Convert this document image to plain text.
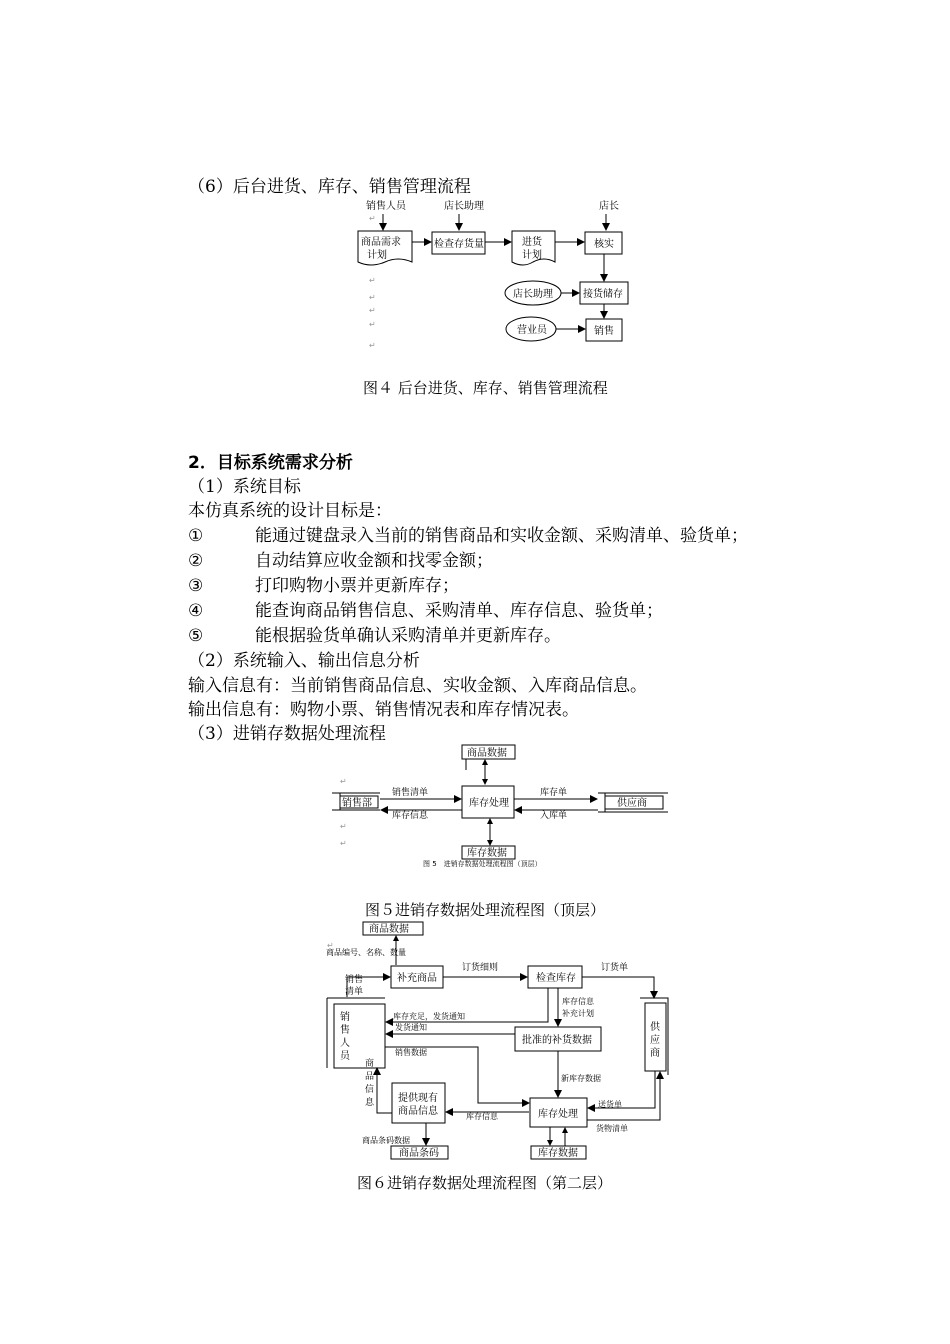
（6）后台进货、库存、销售管理流程
图４ 后台进货、库存、销售管理流程
2．目标系统需求分析
（1）系统目标
本仿真系统的设计目标是：
①	能通过键盘录入当前的销售商品和实收金额、采购清单、验货单；
②	自动结算应收金额和找零金额；
③	打印购物小票并更新库存；
④	能查询商品销售信息、采购清单、库存信息、验货单；
⑤	能根据验货单确认采购清单并更新库存。
（2）系统输入、输出信息分析
输入信息有：当前销售商品信息、实收金额、入库商品信息。
输出信息有：购物小票、销售情况表和库存情况表。
（3）进销存数据处理流程
图５进销存数据处理流程图（顶层）
图６进销存数据处理流程图（第二层）
销售人员	店长助理	店长
商品需求
计划
检查存货量	进货
计划
核实
店长助理	接货储存
营业员	销售
↵
↵
↵
↵
↵
↵
商品数据
库存处理
销售部
销售清单
库存信息
库存单
入库单
供应商
库存数据
图 5　进销存数据处理流程图（顶层）
↵
↵
↵
商品数据
↵
商品编号、名称、数量
补充商品
销售
清单
订货细则
检查库存
订货单
销
售
人
员
供
应
商
库存信息
补充计划
库存充足，发货通知
发货通知
批准的补货数据
销售数据
商
品
信
息
新库存数据
提供现有
商品信息	库存信息	库存处理
送货单
货物清单
商品条码数据
商品条码	库存数据
